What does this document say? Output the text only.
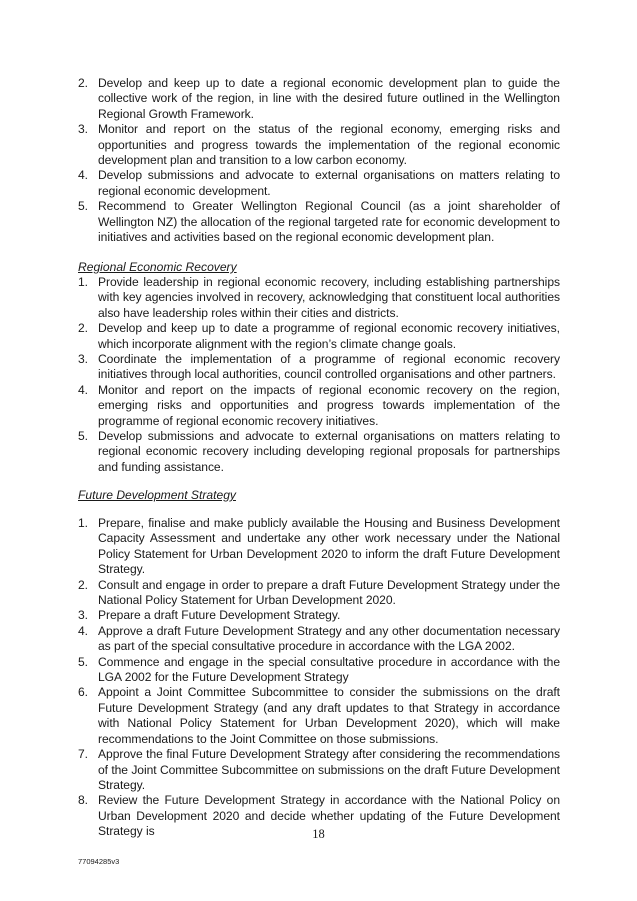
2. Develop and keep up to date a regional economic development plan to guide the collective work of the region, in line with the desired future outlined in the Wellington Regional Growth Framework.
3. Monitor and report on the status of the regional economy, emerging risks and opportunities and progress towards the implementation of the regional economic development plan and transition to a low carbon economy.
4. Develop submissions and advocate to external organisations on matters relating to regional economic development.
5. Recommend to Greater Wellington Regional Council (as a joint shareholder of Wellington NZ) the allocation of the regional targeted rate for economic development to initiatives and activities based on the regional economic development plan.
Regional Economic Recovery
1. Provide leadership in regional economic recovery, including establishing partnerships with key agencies involved in recovery, acknowledging that constituent local authorities also have leadership roles within their cities and districts.
2. Develop and keep up to date a programme of regional economic recovery initiatives, which incorporate alignment with the region’s climate change goals.
3. Coordinate the implementation of a programme of regional economic recovery initiatives through local authorities, council controlled organisations and other partners.
4. Monitor and report on the impacts of regional economic recovery on the region, emerging risks and opportunities and progress towards implementation of the programme of regional economic recovery initiatives.
5. Develop submissions and advocate to external organisations on matters relating to regional economic recovery including developing regional proposals for partnerships and funding assistance.
Future Development Strategy
1. Prepare, finalise and make publicly available the Housing and Business Development Capacity Assessment and undertake any other work necessary under the National Policy Statement for Urban Development 2020 to inform the draft Future Development Strategy.
2. Consult and engage in order to prepare a draft Future Development Strategy under the National Policy Statement for Urban Development 2020.
3. Prepare a draft Future Development Strategy.
4. Approve a draft Future Development Strategy and any other documentation necessary as part of the special consultative procedure in accordance with the LGA 2002.
5. Commence and engage in the special consultative procedure in accordance with the LGA 2002 for the Future Development Strategy
6. Appoint a Joint Committee Subcommittee to consider the submissions on the draft Future Development Strategy (and any draft updates to that Strategy in accordance with National Policy Statement for Urban Development 2020), which will make recommendations to the Joint Committee on those submissions.
7. Approve the final Future Development Strategy after considering the recommendations of the Joint Committee Subcommittee on submissions on the draft Future Development Strategy.
8. Review the Future Development Strategy in accordance with the National Policy on Urban Development 2020 and decide whether updating of the Future Development Strategy is	18
77094285v3
